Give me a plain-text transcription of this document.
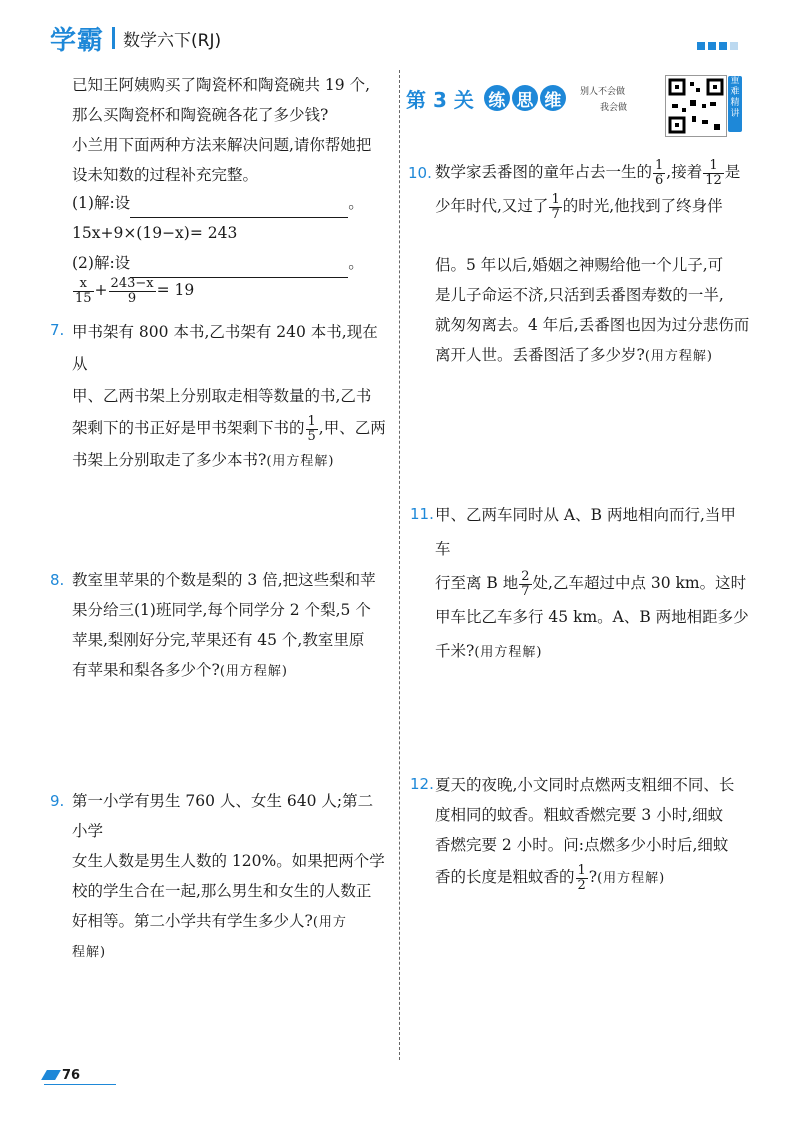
学霸 数学六下(RJ)
已知王阿姨购买了陶瓷杯和陶瓷碗共 19 个,
那么买陶瓷杯和陶瓷碗各花了多少钱?
小兰用下面两种方法来解决问题,请你帮她把
设未知数的过程补充完整。
(1)解:设	。
15x+9×(19−x)= 243
(2)解:设	。
$\frac{x}{15} + \frac{243-x}{9} = 19$
7. 甲书架有 800 本书,乙书架有 240 本书,现在从
甲、乙两书架上分别取走相等数量的书,乙书
架剩下的书正好是甲书架剩下书的 $\frac{1}{5}$ ,甲、乙两
书架上分别取走了多少本书?(用方程解)
8. 教室里苹果的个数是梨的 3 倍,把这些梨和苹
果分给三(1)班同学,每个同学分 2 个梨,5 个
苹果,梨刚好分完,苹果还有 45 个,教室里原
有苹果和梨各多少个?(用方程解)
9. 第一小学有男生 760 人、女生 640 人;第二小学
女生人数是男生人数的 120%。如果把两个学
校的学生合在一起,那么男生和女生的人数正
好相等。第二小学共有学生多少人?(用方
程解)
第 3 关 练 思 维	别人不会做
我会做
重难精讲
10. 数学家丢番图的童年占去一生的 $\frac{1}{6}$ ,接着 $\frac{1}{12}$ 是
少年时代,又过了 $\frac{1}{7}$ 的时光,他找到了终身伴
侣。5 年以后,婚姻之神赐给他一个儿子,可
是儿子命运不济,只活到丢番图寿数的一半,
就匆匆离去。4 年后,丢番图也因为过分悲伤而
离开人世。丢番图活了多少岁?(用方程解)
11. 甲、乙两车同时从 A、B 两地相向而行,当甲车
行至离 B 地 $\frac{2}{7}$ 处,乙车超过中点 30 km。这时
甲车比乙车多行 45 km。A、B 两地相距多少
千米?(用方程解)
12. 夏天的夜晚,小文同时点燃两支粗细不同、长
度相同的蚊香。粗蚊香燃完要 3 小时,细蚊
香燃完要 2 小时。问:点燃多少小时后,细蚊
香的长度是粗蚊香的 $\frac{1}{2}$ ?(用方程解)
76
